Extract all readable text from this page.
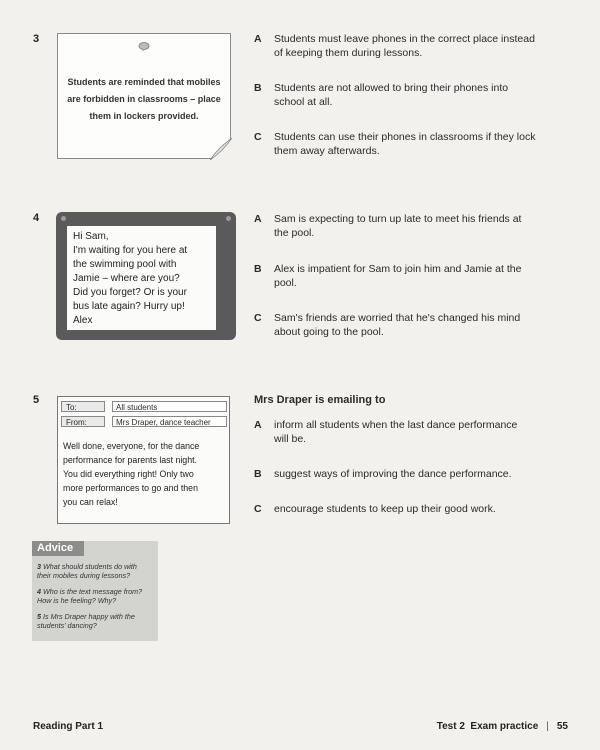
3
Students are reminded that mobiles are forbidden in classrooms – place them in lockers provided.
A Students must leave phones in the correct place instead
of keeping them during lessons.
B Students are not allowed to bring their phones into
school at all.
C Students can use their phones in classrooms if they lock
them away afterwards.
4
Hi Sam,
I'm waiting for you here at
the swimming pool with
Jamie – where are you?
Did you forget? Or is your
bus late again? Hurry up!
Alex
A Sam is expecting to turn up late to meet his friends at
the pool.
B Alex is impatient for Sam to join him and Jamie at the
pool.
C Sam's friends are worried that he's changed his mind
about going to the pool.
5
To:	All students
From:	Mrs Draper, dance teacher
Well done, everyone, for the dance
performance for parents last night.
You did everything right! Only two
more performances to go and then
you can relax!
Mrs Draper is emailing to
A inform all students when the last dance performance
will be.
B suggest ways of improving the dance performance.
C encourage students to keep up their good work.
Advice
3 What should students do with
their mobiles during lessons?
4 Who is the text message from?
How is he feeling? Why?
5 Is Mrs Draper happy with the
students' dancing?
Reading Part 1	Test 2  Exam practice | 55
